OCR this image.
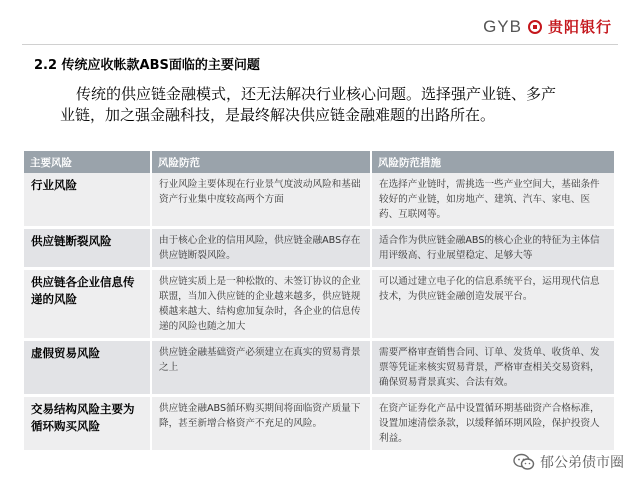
GYB 贵阳银行
2.2 传统应收帐款ABS面临的主要问题

传统的供应链金融模式，还无法解决行业核心问题。选择强产业链、多产

业链，加之强金融科技，是最终解决供应链金融难题的出路所在。

主要风险	风险防范	风险防范措施
行业风险	行业风险主要体现在行业景气度波动风险和基础资产行业集中度较高两个方面	在选择产业链时，需挑选一些产业空间大，基础条件较好的产业链，如房地产、建筑、汽车、家电、医药、互联网等。
供应链断裂风险	由于核心企业的信用风险，供应链金融ABS存在供应链断裂风险。	适合作为供应链金融ABS的核心企业的特征为主体信用评级高、行业展望稳定、足够大等
供应链各企业信息传递的风险	供应链实质上是一种松散的、未签订协议的企业联盟，当加入供应链的企业越来越多，供应链规模越来越大、结构愈加复杂时，各企业的信息传递的风险也随之加大	可以通过建立电子化的信息系统平台，运用现代信息技术，为供应链金融创造发展平台。
虚假贸易风险	供应链金融基础资产必须建立在真实的贸易背景之上	需要严格审查销售合同、订单、发货单、收货单、发票等凭证来核实贸易背景，严格审查相关交易资料，确保贸易背景真实、合法有效。
交易结构风险主要为循环购买风险	供应链金融ABS循环购买期间将面临资产质量下降，甚至新增合格资产不充足的风险。	在资产证券化产品中设置循环期基础资产合格标准，设置加速清偿条款，以缓释循环期风险，保护投资人利益。
郁公弟债市圈
